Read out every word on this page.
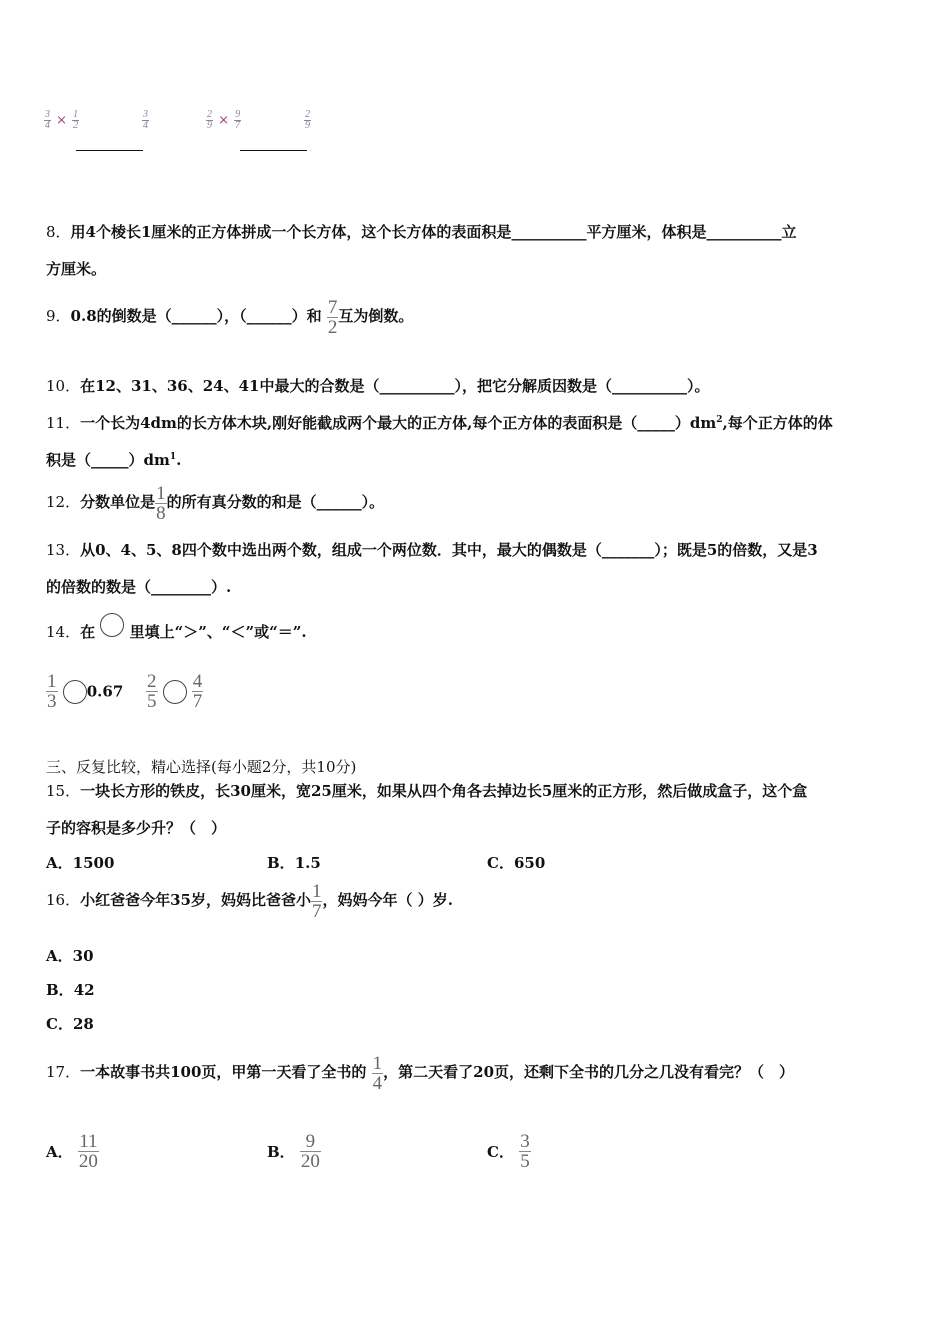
$\frac{3}{4} \times \frac{1}{2}$	$\frac{3}{4}$	$\frac{2}{9} \times \frac{9}{7}$	$\frac{2}{9}$
8．用4个棱长1厘米的正方体拼成一个长方体，这个长方体的表面积是__________平方厘米，体积是__________立
方厘米。
9．0.8的倒数是（______），（______）和 $\frac{7}{2}$ 互为倒数。
10．在12、31、36、24、41中最大的合数是（__________），把它分解质因数是（__________）。
11．一个长为4dm的长方体木块,刚好能截成两个最大的正方体,每个正方体的表面积是$(\_\_\_\_\_)dm^2$,每个正方体的体
积是$(\_\_\_\_\_)dm^1$.
12．分数单位是 $\frac{1}{8}$ 的所有真分数的和是（______）。
13．从0、4、5、8四个数中选出两个数，组成一个两位数．其中，最大的偶数是（_______）；既是5的倍数，又是3
的倍数的数是（________）.
14．在 里填上“＞”、“＜”或“＝”.
$\frac{1}{3} 0.67 \frac{2}{5}$
$\frac{4}{7}$
三、反复比较，精心选择(每小题2分，共10分)
15．一块长方形的铁皮，长30厘米，宽25厘米，如果从四个角各去掉边长5厘米的正方形，然后做成盒子，这个盒
子的容积是多少升？（　）
A．1500	B．1.5	C．650
16．小红爸爸今年35岁，妈妈比爸爸小 $\frac{1}{7}$ ，妈妈今年（ ）岁.
A．30
B．42
C．28
17．一本故事书共100页，甲第一天看了全书的 $\frac{1}{4}$ ，第二天看了20页，还剩下全书的几分之几没有看完？（　）
A． $\frac{11}{20}$	B． $\frac{9}{20}$	C． $\frac{3}{5}$
